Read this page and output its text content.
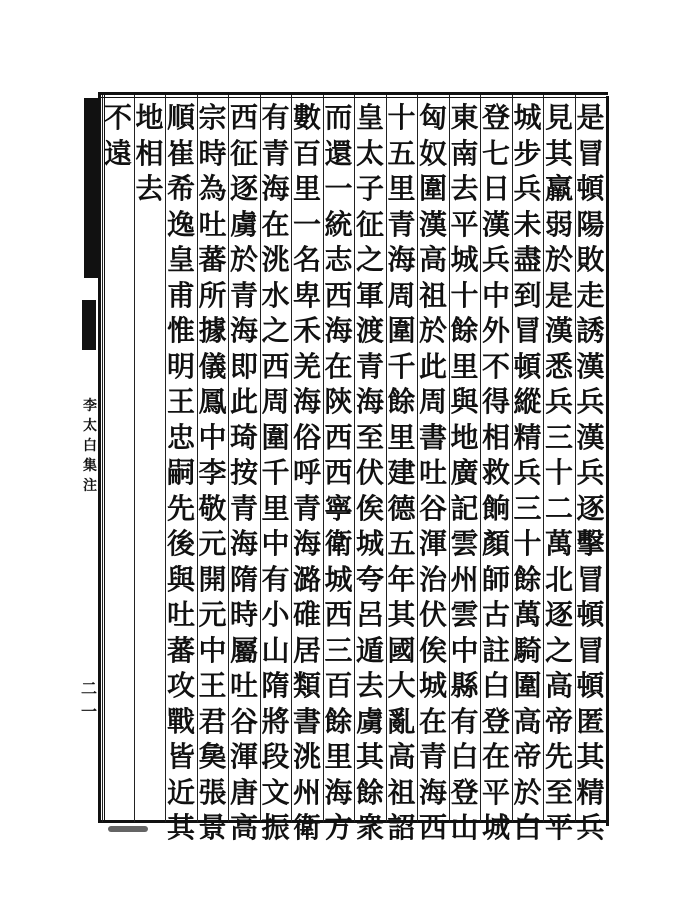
李
太
白
集
注
二一
是
冒
頓
陽
敗
走
誘
漢
兵
漢
兵
逐
擊
冒
頓
冒
頓
匿
其
精
兵
見
其
羸
弱
於
是
漢
悉
兵
三
十
二
萬
北
逐
之
高
帝
先
至
平
城
步
兵
未
盡
到
冒
頓
縱
精
兵
三
十
餘
萬
騎
圍
高
帝
於
白
登
七
日
漢
兵
中
外
不
得
相
救
餉
顏
師
古
註
白
登
在
平
城
東
南
去
平
城
十
餘
里
與
地
廣
記
雲
州
雲
中
縣
有
白
登
山
匈
奴
圍
漢
高
祖
於
此
周
書
吐
谷
渾
治
伏
俟
城
在
青
海
西
十
五
里
青
海
周
圍
千
餘
里
建
德
五
年
其
國
大
亂
高
祖
詔
皇
太
子
征
之
軍
渡
青
海
至
伏
俟
城
夸
呂
遁
去
虜
其
餘
衆
而
還
一
統
志
西
海
在
陝
西
西
寧
衛
城
西
三
百
餘
里
海
方
數
百
里
一
名
卑
禾
羌
海
俗
呼
青
海
潞
碓
居
類
書
洮
州
衛
有
青
海
在
洮
水
之
西
周
圍
千
里
中
有
小
山
隋
將
段
文
振
西
征
逐
虜
於
青
海
即
此
琦
按
青
海
隋
時
屬
吐
谷
渾
唐
高
宗
時
為
吐
蕃
所
據
儀
鳳
中
李
敬
元
開
元
中
王
君
㚟
張
景
順
崔
希
逸
皇
甫
惟
明
王
忠
嗣
先
後
與
吐
蕃
攻
戰
皆
近
其
地
相
去
不
遠
